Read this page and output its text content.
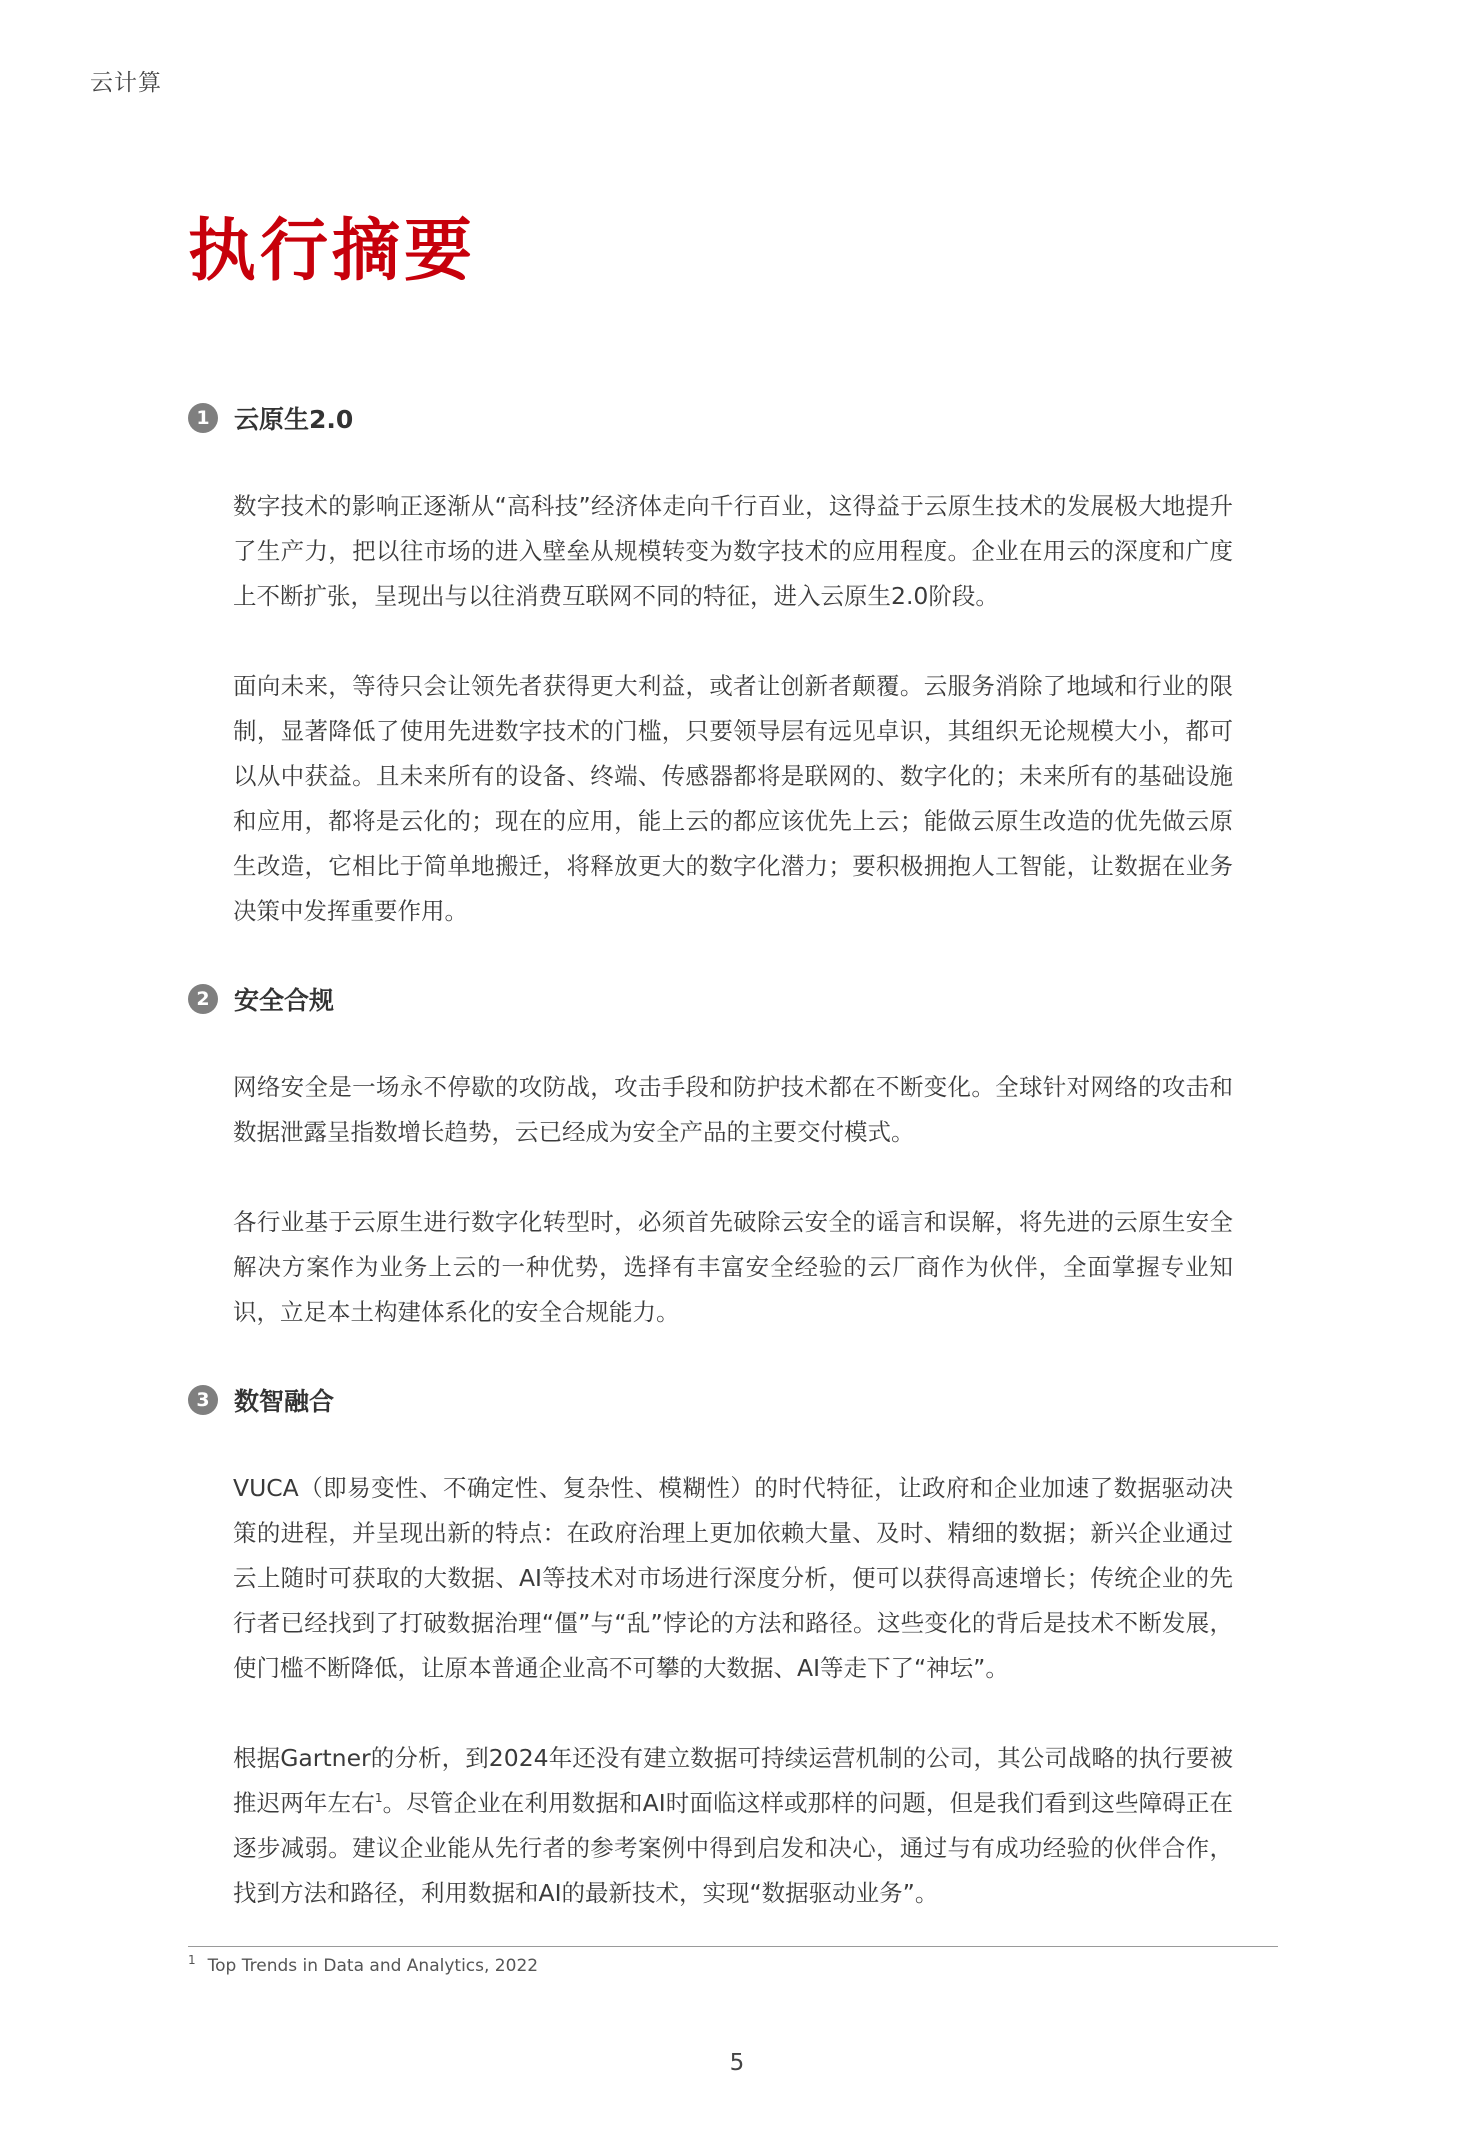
云计算
执行摘要
1 云原生2.0

数字技术的影响正逐渐从“高科技”经济体走向千行百业，这得益于云原生技术的发展极大地提升了生产力，把以往市场的进入壁垒从规模转变为数字技术的应用程度。企业在用云的深度和广度上不断扩张，呈现出与以往消费互联网不同的特征，进入云原生2.0阶段。

面向未来，等待只会让领先者获得更大利益，或者让创新者颠覆。云服务消除了地域和行业的限制，显著降低了使用先进数字技术的门槛，只要领导层有远见卓识，其组织无论规模大小，都可以从中获益。且未来所有的设备、终端、传感器都将是联网的、数字化的；未来所有的基础设施和应用，都将是云化的；现在的应用，能上云的都应该优先上云；能做云原生改造的优先做云原生改造，它相比于简单地搬迁，将释放更大的数字化潜力；要积极拥抱人工智能，让数据在业务决策中发挥重要作用。

2 安全合规

网络安全是一场永不停歇的攻防战，攻击手段和防护技术都在不断变化。全球针对网络的攻击和数据泄露呈指数增长趋势，云已经成为安全产品的主要交付模式。

各行业基于云原生进行数字化转型时，必须首先破除云安全的谣言和误解，将先进的云原生安全解决方案作为业务上云的一种优势，选择有丰富安全经验的云厂商作为伙伴，全面掌握专业知识，立足本土构建体系化的安全合规能力。

3 数智融合

VUCA（即易变性、不确定性、复杂性、模糊性）的时代特征，让政府和企业加速了数据驱动决策的进程，并呈现出新的特点：在政府治理上更加依赖大量、及时、精细的数据；新兴企业通过云上随时可获取的大数据、AI等技术对市场进行深度分析，便可以获得高速增长；传统企业的先行者已经找到了打破数据治理“僵”与“乱”悖论的方法和路径。这些变化的背后是技术不断发展，使门槛不断降低，让原本普通企业高不可攀的大数据、AI等走下了“神坛”。

根据Gartner的分析，到2024年还没有建立数据可持续运营机制的公司，其公司战略的执行要被推迟两年左右$^1$。尽管企业在利用数据和AI时面临这样或那样的问题，但是我们看到这些障碍正在逐步减弱。建议企业能从先行者的参考案例中得到启发和决心，通过与有成功经验的伙伴合作，找到方法和路径，利用数据和AI的最新技术，实现“数据驱动业务”。

$^1$ Top Trends in Data and Analytics, 2022
5
